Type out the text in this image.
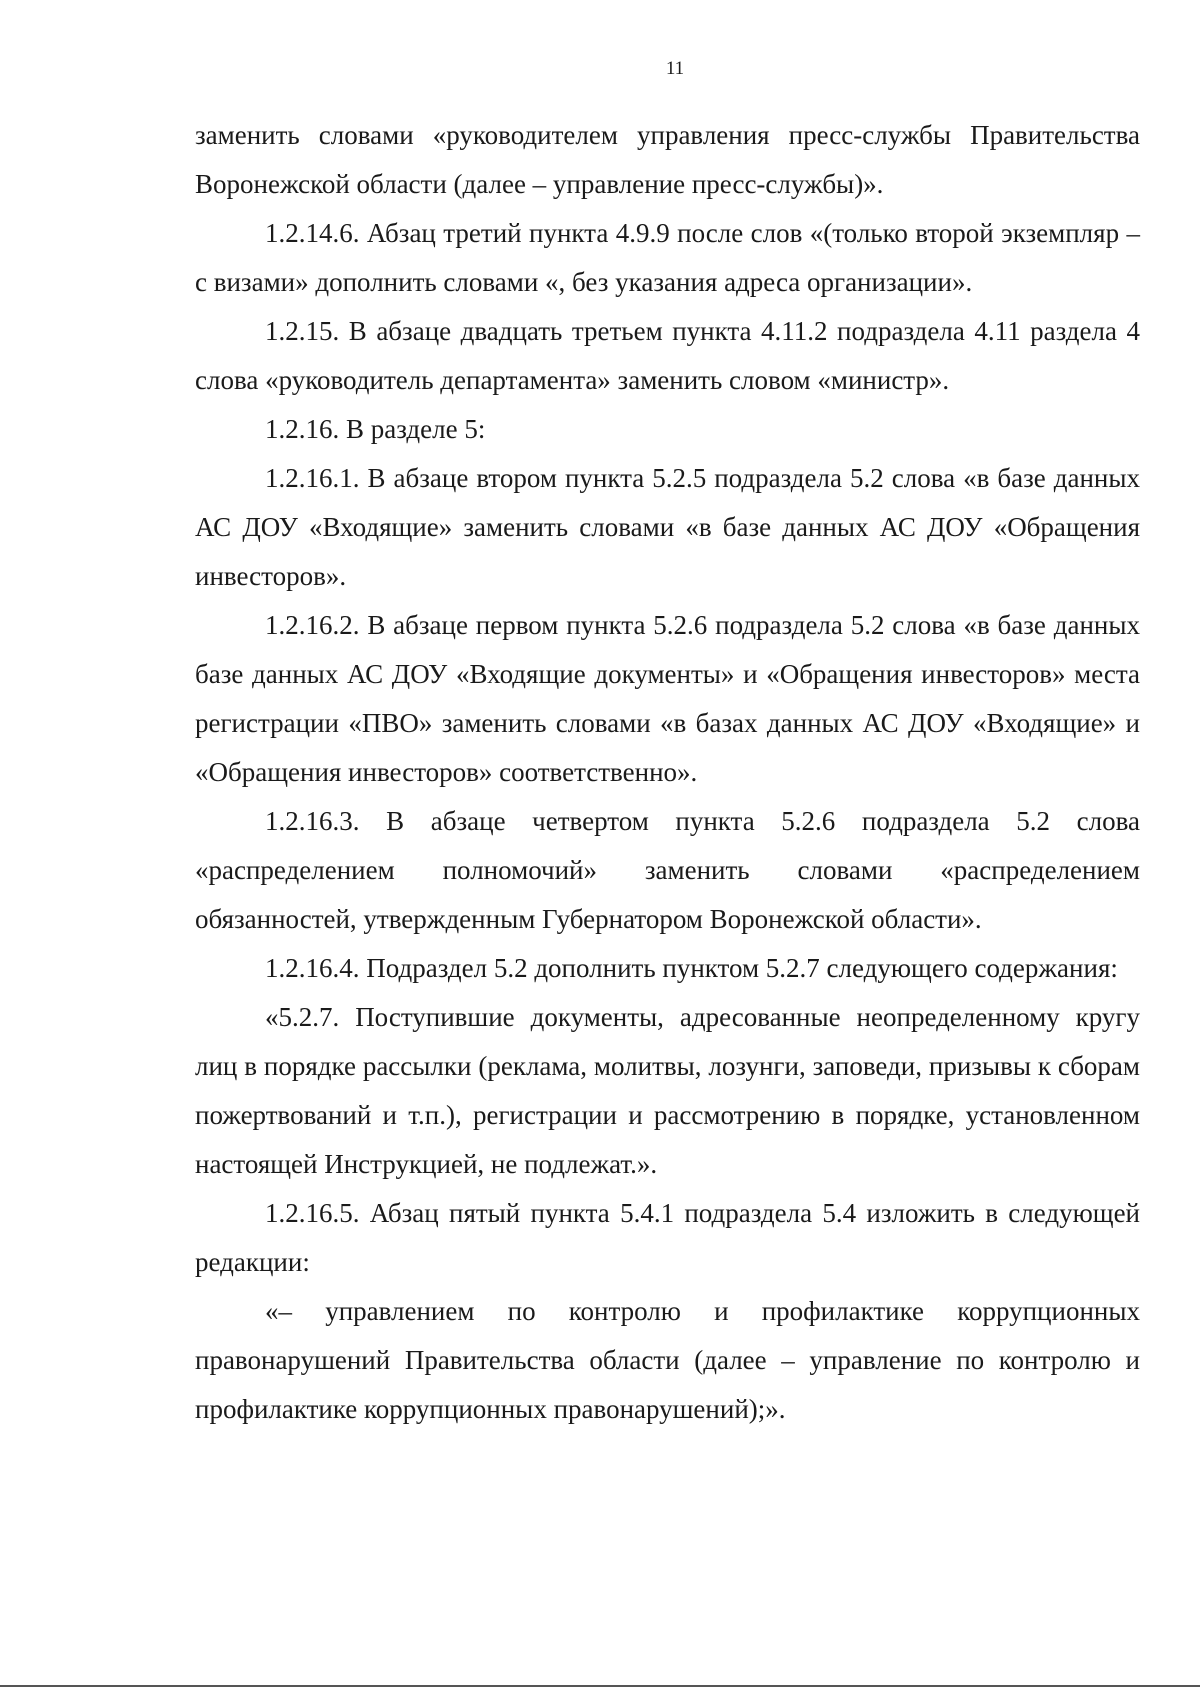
11

заменить словами «руководителем управления пресс-службы Правительства Воронежской области (далее – управление пресс-службы)».

1.2.14.6. Абзац третий пункта 4.9.9 после слов «(только второй экземпляр – с визами» дополнить словами «, без указания адреса организации».

1.2.15. В абзаце двадцать третьем пункта 4.11.2 подраздела 4.11 раздела 4 слова «руководитель департамента» заменить словом «министр».

1.2.16. В разделе 5:

1.2.16.1. В абзаце втором пункта 5.2.5 подраздела 5.2 слова «в базе данных АС ДОУ «Входящие» заменить словами «в базе данных АС ДОУ «Обращения инвесторов».

1.2.16.2. В абзаце первом пункта 5.2.6 подраздела 5.2 слова «в базе данных базе данных АС ДОУ «Входящие документы» и «Обращения инвесторов» места регистрации «ПВО» заменить словами «в базах данных АС ДОУ «Входящие» и «Обращения инвесторов» соответственно».

1.2.16.3. В абзаце четвертом пункта 5.2.6 подраздела 5.2 слова «распределением полномочий» заменить словами «распределением обязанностей, утвержденным Губернатором Воронежской области».

1.2.16.4. Подраздел 5.2 дополнить пунктом 5.2.7 следующего содержания:

«5.2.7. Поступившие документы, адресованные неопределенному кругу лиц в порядке рассылки (реклама, молитвы, лозунги, заповеди, призывы к сборам пожертвований и т.п.), регистрации и рассмотрению в порядке, установленном настоящей Инструкцией, не подлежат.».

1.2.16.5. Абзац пятый пункта 5.4.1 подраздела 5.4 изложить в следующей редакции:

«– управлением по контролю и профилактике коррупционных правонарушений Правительства области (далее – управление по контролю и профилактике коррупционных правонарушений);».
